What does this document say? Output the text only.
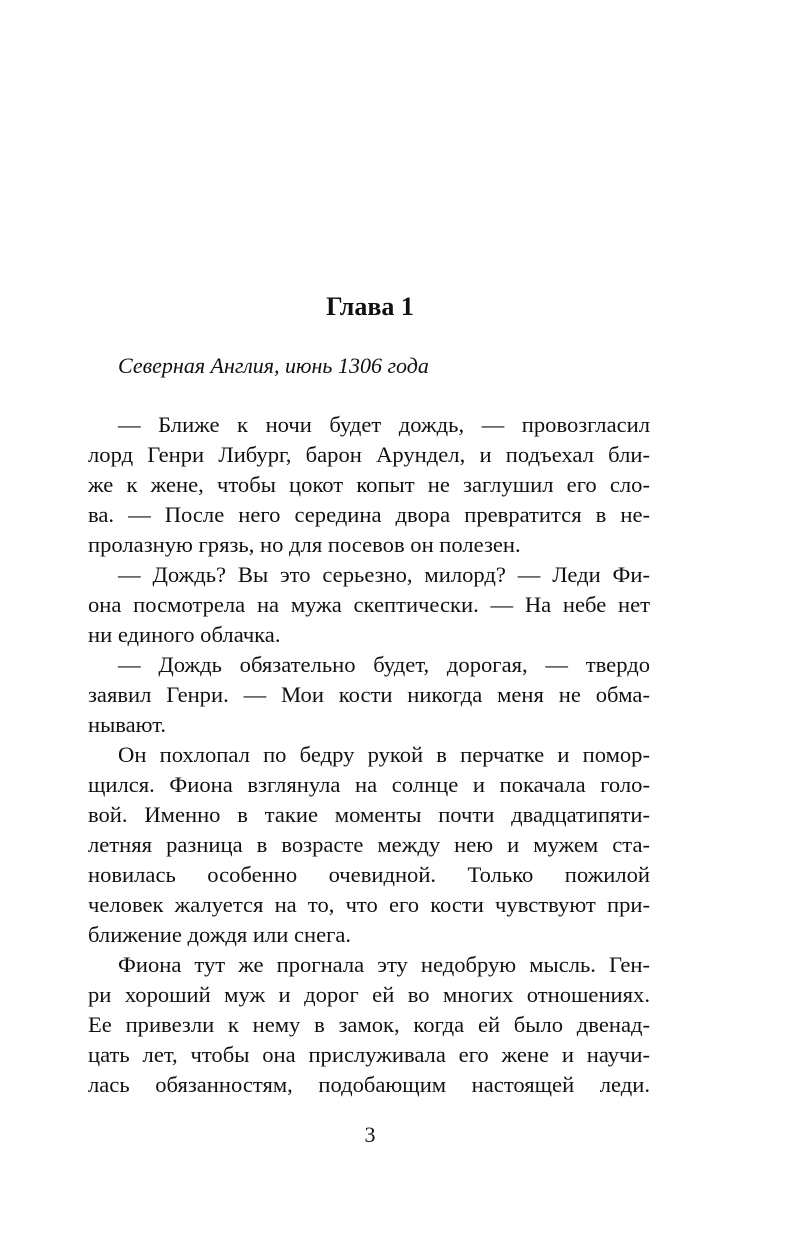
Глава 1

Северная Англия, июнь 1306 года

— Ближе к ночи будет дождь, — провозгласил
лорд Генри Либург, барон Арундел, и подъехал бли-
же к жене, чтобы цокот копыт не заглушил его сло-
ва. — После него середина двора превратится в не-
пролазную грязь, но для посевов он полезен.
— Дождь? Вы это серьезно, милорд? — Леди Фи-
она посмотрела на мужа скептически. — На небе нет
ни единого облачка.
— Дождь обязательно будет, дорогая, — твердо
заявил Генри. — Мои кости никогда меня не обма-
нывают.
Он похлопал по бедру рукой в перчатке и помор-
щился. Фиона взглянула на солнце и покачала голо-
вой. Именно в такие моменты почти двадцатипяти-
летняя разница в возрасте между нею и мужем ста-
новилась особенно очевидной. Только пожилой
человек жалуется на то, что его кости чувствуют при-
ближение дождя или снега.
Фиона тут же прогнала эту недобрую мысль. Ген-
ри хороший муж и дорог ей во многих отношениях.
Ее привезли к нему в замок, когда ей было двенад-
цать лет, чтобы она прислуживала его жене и научи-
лась обязанностям, подобающим настоящей леди.

3
